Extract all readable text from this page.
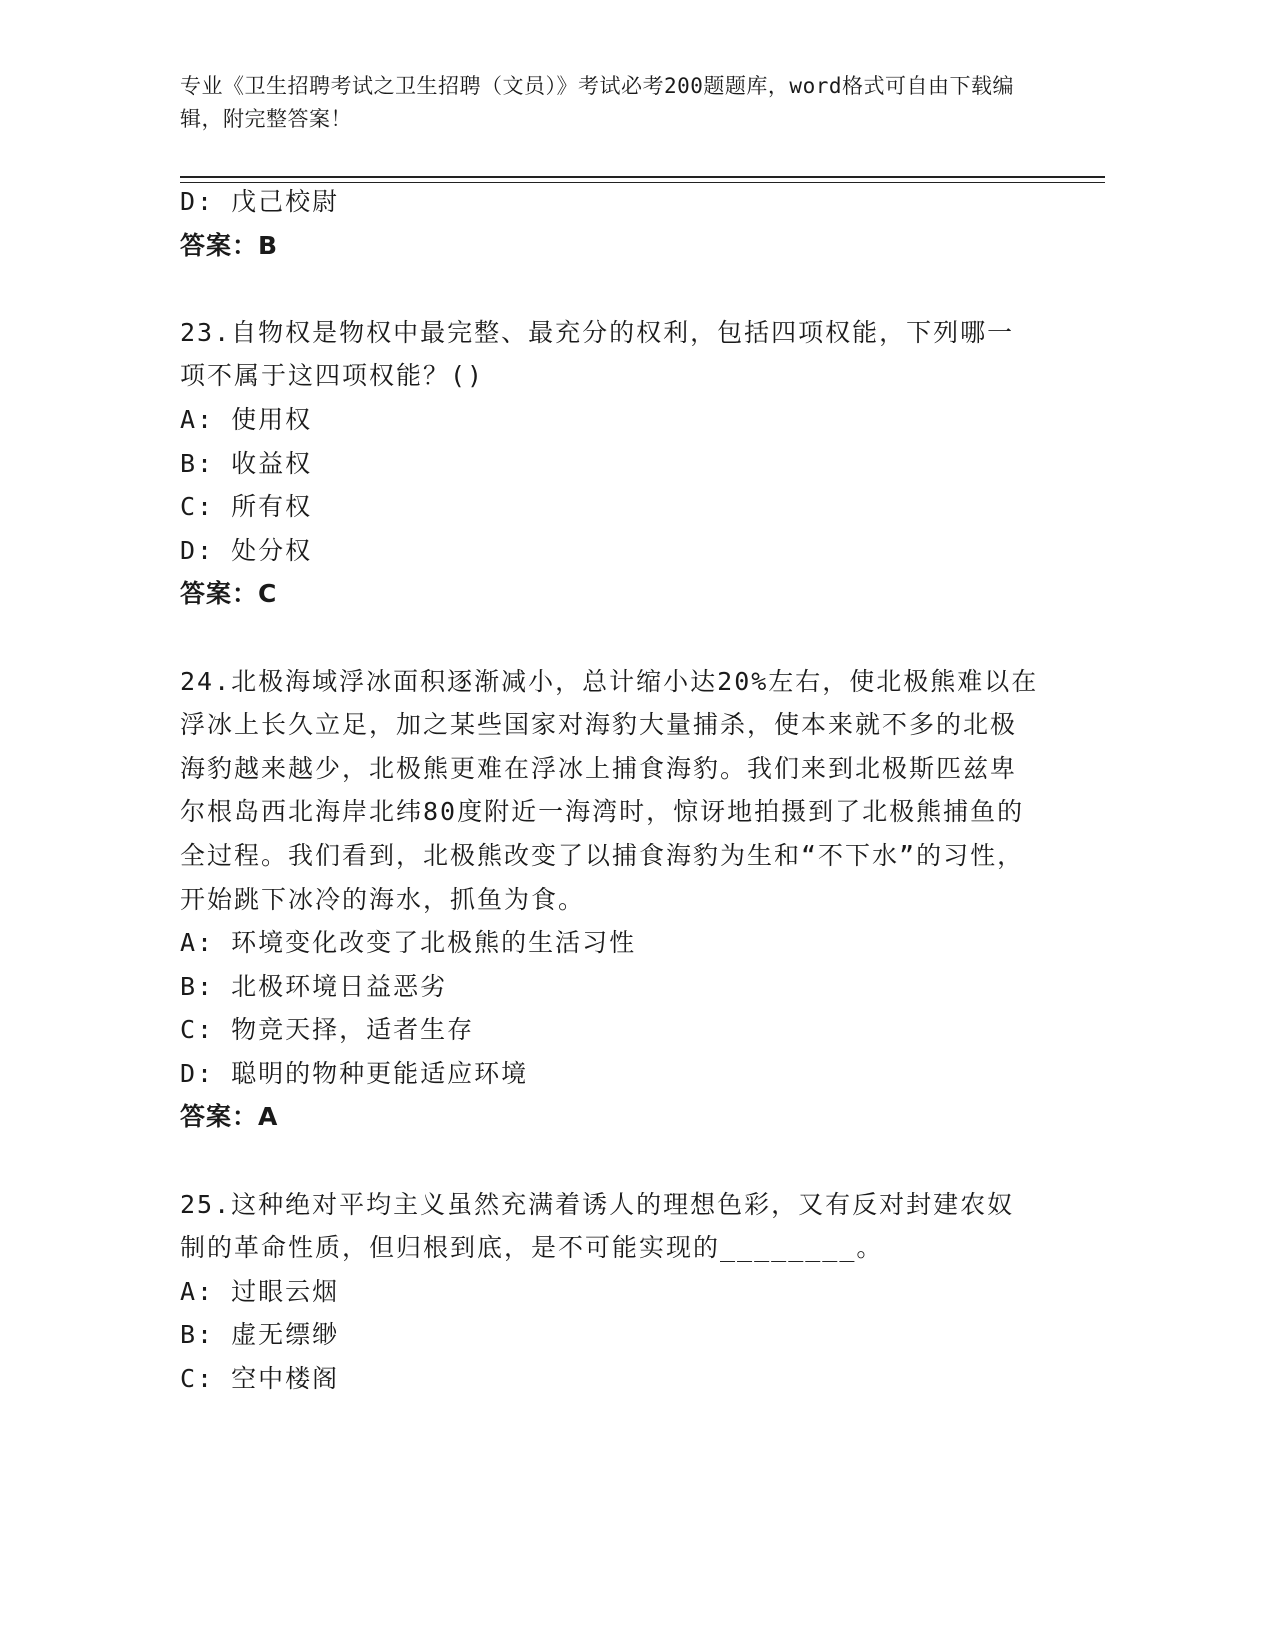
专业《卫生招聘考试之卫生招聘（文员）》考试必考200题题库，word格式可自由下载编辑，附完整答案！
D: 戊己校尉
答案：B
23.自物权是物权中最完整、最充分的权利，包括四项权能，下列哪一项不属于这四项权能？()
A: 使用权
B: 收益权
C: 所有权
D: 处分权
答案：C
24.北极海域浮冰面积逐渐减小，总计缩小达20%左右，使北极熊难以在浮冰上长久立足，加之某些国家对海豹大量捕杀，使本来就不多的北极海豹越来越少，北极熊更难在浮冰上捕食海豹。我们来到北极斯匹兹卑尔根岛西北海岸北纬80度附近一海湾时，惊讶地拍摄到了北极熊捕鱼的全过程。我们看到，北极熊改变了以捕食海豹为生和“不下水”的习性，开始跳下冰冷的海水，抓鱼为食。
A: 环境变化改变了北极熊的生活习性
B: 北极环境日益恶劣
C: 物竞天择，适者生存
D: 聪明的物种更能适应环境
答案：A
25.这种绝对平均主义虽然充满着诱人的理想色彩，又有反对封建农奴制的革命性质，但归根到底，是不可能实现的________。
A: 过眼云烟
B: 虚无缥缈
C: 空中楼阁
